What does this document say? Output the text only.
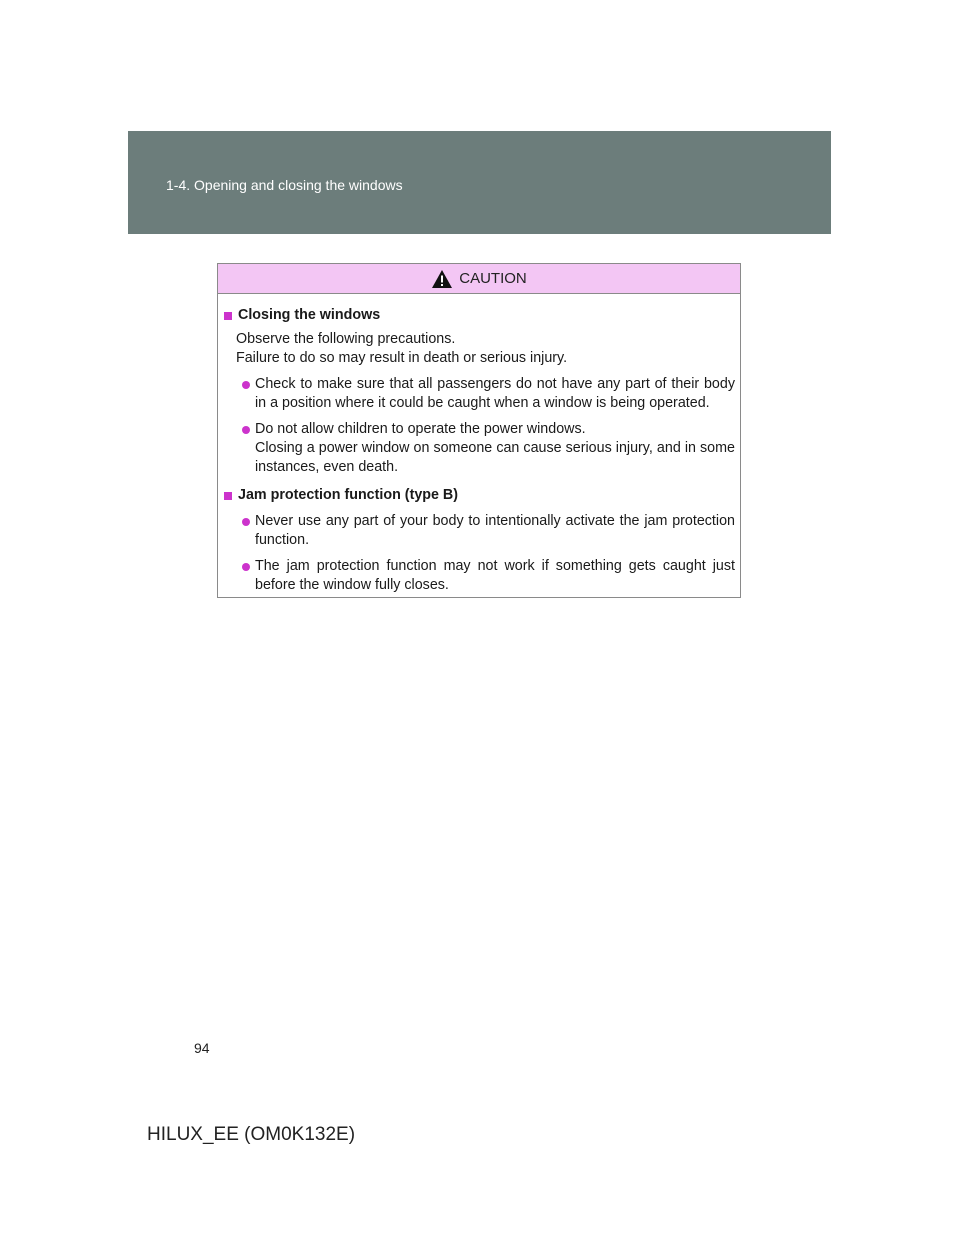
1-4. Opening and closing the windows
CAUTION
Closing the windows
Observe the following precautions.
Failure to do so may result in death or serious injury.
Check to make sure that all passengers do not have any part of their body in a position where it could be caught when a window is being operated.
Do not allow children to operate the power windows.
Closing a power window on someone can cause serious injury, and in some instances, even death.
Jam protection function (type B)
Never use any part of your body to intentionally activate the jam protection function.
The jam protection function may not work if something gets caught just before the window fully closes.
94
HILUX_EE (OM0K132E)
